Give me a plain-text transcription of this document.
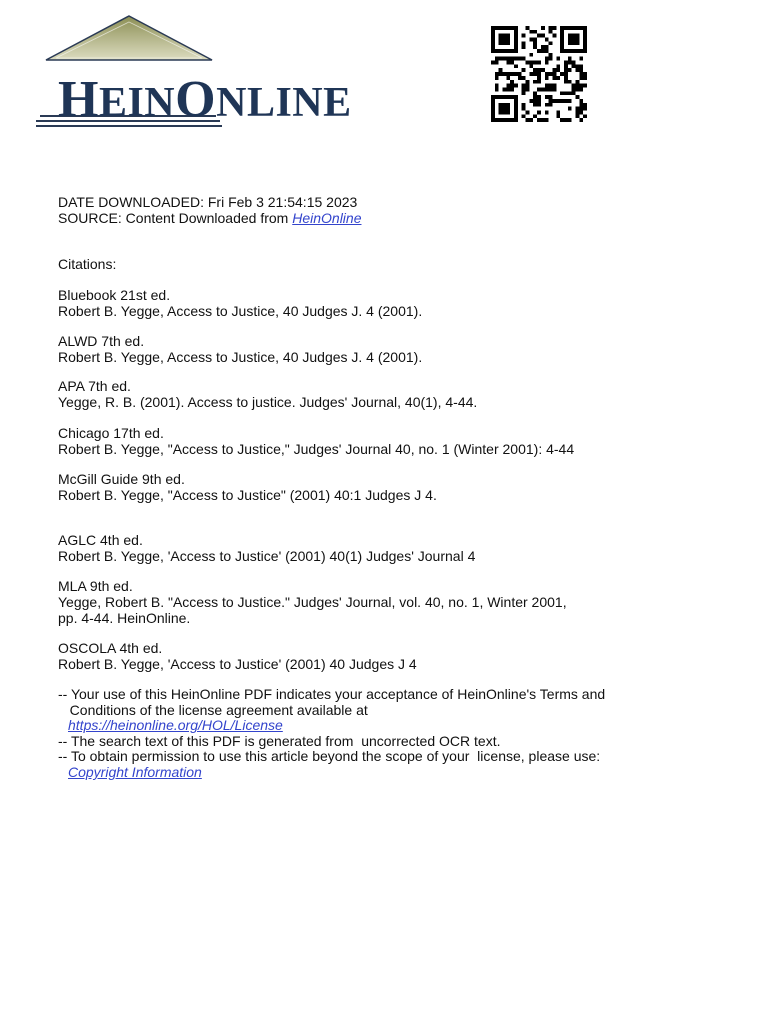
HEINONLINE
DATE DOWNLOADED: Fri Feb 3 21:54:15 2023
SOURCE: Content Downloaded from HeinOnline
Citations:
Bluebook 21st ed.
Robert B. Yegge, Access to Justice, 40 Judges J. 4 (2001).
ALWD 7th ed.
Robert B. Yegge, Access to Justice, 40 Judges J. 4 (2001).
APA 7th ed.
Yegge, R. B. (2001). Access to justice. Judges' Journal, 40(1), 4-44.
Chicago 17th ed.
Robert B. Yegge, "Access to Justice," Judges' Journal 40, no. 1 (Winter 2001): 4-44
McGill Guide 9th ed.
Robert B. Yegge, "Access to Justice" (2001) 40:1 Judges J 4.
AGLC 4th ed.
Robert B. Yegge, 'Access to Justice' (2001) 40(1) Judges' Journal 4
MLA 9th ed.
Yegge, Robert B. "Access to Justice." Judges' Journal, vol. 40, no. 1, Winter 2001,
pp. 4-44. HeinOnline.
OSCOLA 4th ed.
Robert B. Yegge, 'Access to Justice' (2001) 40 Judges J 4
-- Your use of this HeinOnline PDF indicates your acceptance of HeinOnline's Terms and
Conditions of the license agreement available at
https://heinonline.org/HOL/License
-- The search text of this PDF is generated from  uncorrected OCR text.
-- To obtain permission to use this article beyond the scope of your  license, please use:
Copyright Information
